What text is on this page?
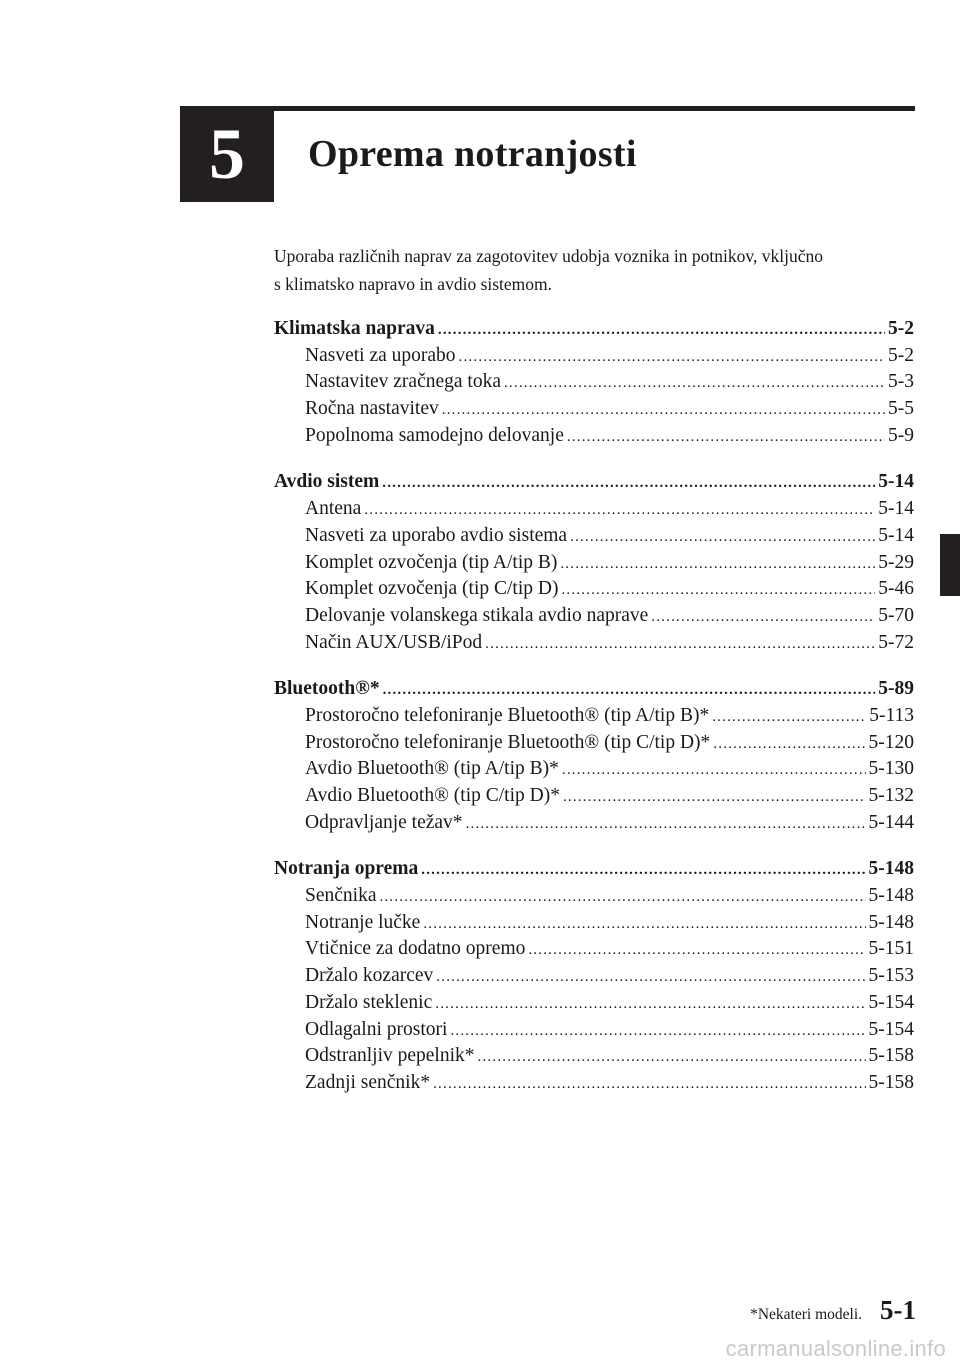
5 Oprema notranjosti
Uporaba različnih naprav za zagotovitev udobja voznika in potnikov, vključno
s klimatsko napravo in avdio sistemom.
Klimatska naprava .....	5-2
Nasveti za uporabo .....	5-2
Nastavitev zračnega toka .....	5-3
Ročna nastavitev .....	5-5
Popolnoma samodejno delovanje .....	5-9
Avdio sistem .....	5-14
Antena .....	5-14
Nasveti za uporabo avdio sistema .....	5-14
Komplet ozvočenja (tip A/tip B) .....	5-29
Komplet ozvočenja (tip C/tip D) .....	5-46
Delovanje volanskega stikala avdio naprave .....	5-70
Način AUX/USB/iPod .....	5-72
Bluetooth®* .....	5-89
Prostoročno telefoniranje Bluetooth® (tip A/tip B)* .....	5-113
Prostoročno telefoniranje Bluetooth® (tip C/tip D)* .....	5-120
Avdio Bluetooth® (tip A/tip B)* .....	5-130
Avdio Bluetooth® (tip C/tip D)* .....	5-132
Odpravljanje težav* .....	5-144
Notranja oprema .....	5-148
Senčnika .....	5-148
Notranje lučke .....	5-148
Vtičnice za dodatno opremo .....	5-151
Držalo kozarcev .....	5-153
Držalo steklenic .....	5-154
Odlagalni prostori .....	5-154
Odstranljiv pepelnik* .....	5-158
Zadnji senčnik* .....	5-158
*Nekateri modeli. 5-1
carmanualsonline.info
